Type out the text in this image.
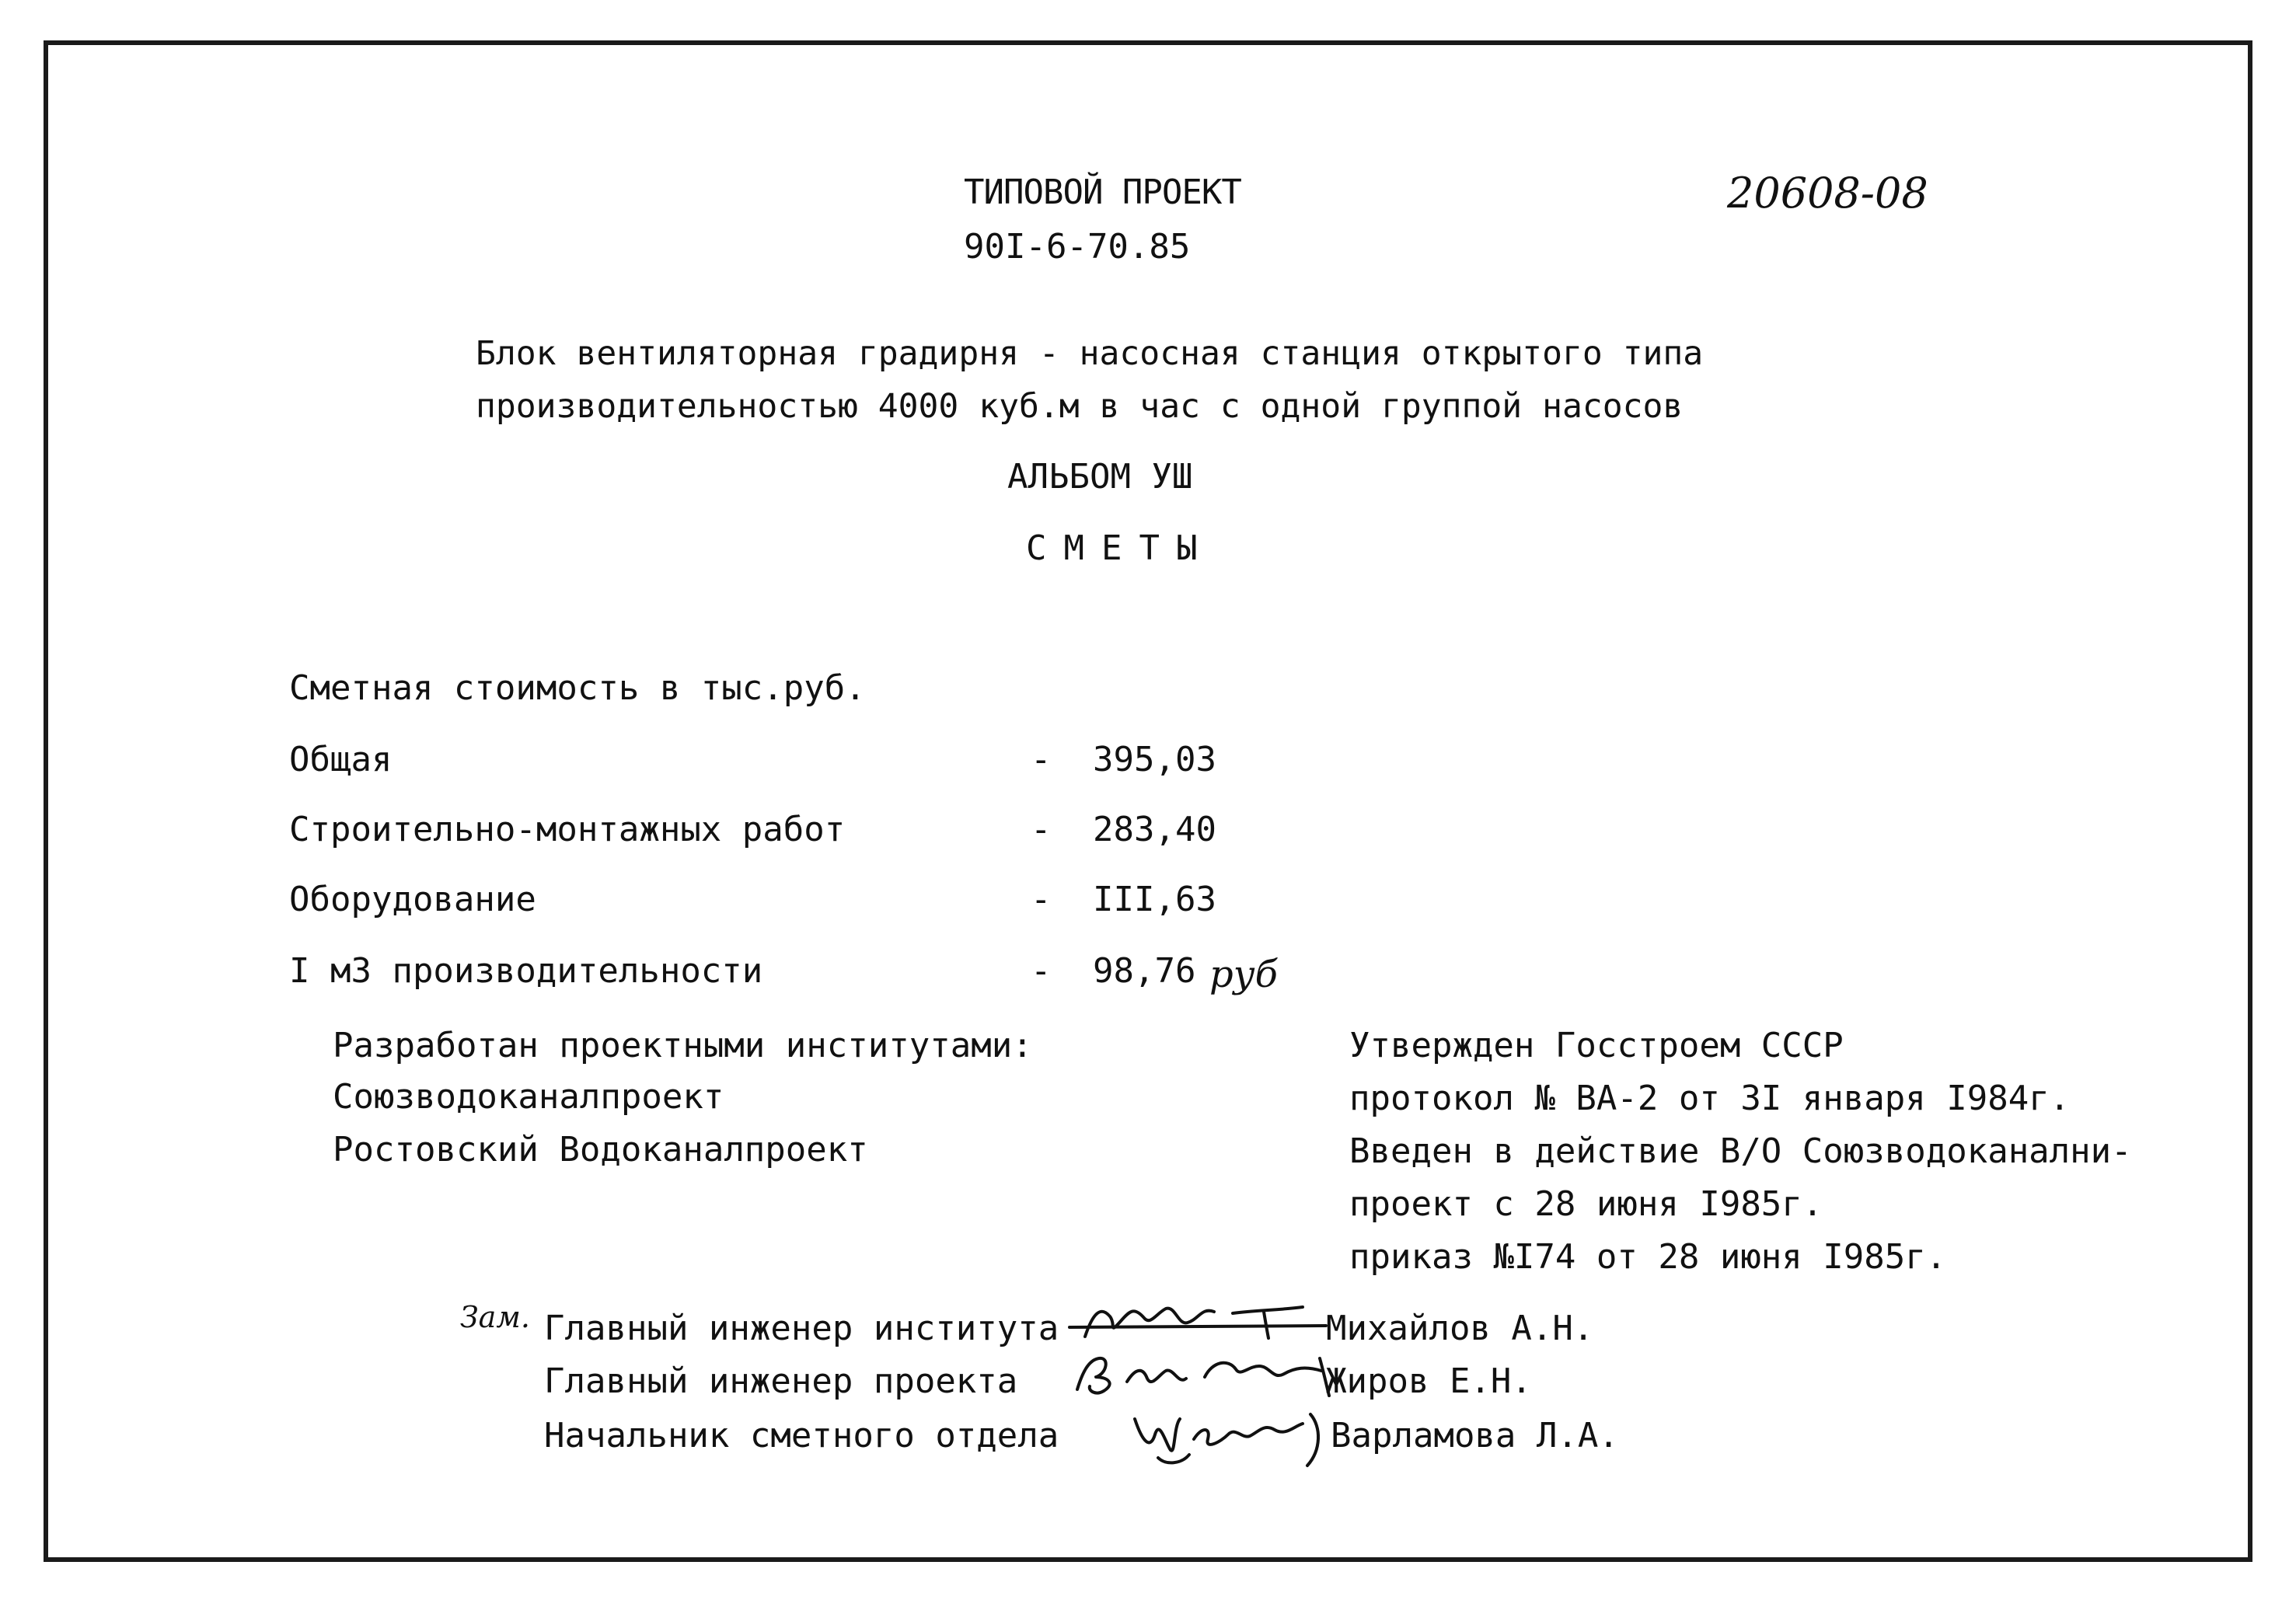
ТИПОВОЙ ПРОЕКТ
90I-6-70.85
20608-08
Блок вентиляторная градирня - насосная станция открытого типа
производительностью 4000 куб.м в час с одной группой насосов
АЛЬБОМ УШ
СМЕТЫ
Сметная стоимость в тыс.руб.
Общая	- 395,03
Строительно-монтажных работ	- 283,40
Оборудование	- III,63
I м3 производительности	- 98,76 руб
Разработан проектными институтами:
Союзводоканалпроект
Ростовский Водоканалпроект
Утвержден Госстроем СССР
протокол № ВА-2 от 3I января I984г.
Введен в действие В/О Союзводоканални-
проект с 28 июня I985г.
приказ №I74 от 28 июня I985г.
Зам. Главный инженер института	Михайлов А.Н.
Главный инженер проекта	Жиров Е.Н.
Начальник сметного отдела	Варламова Л.А.
